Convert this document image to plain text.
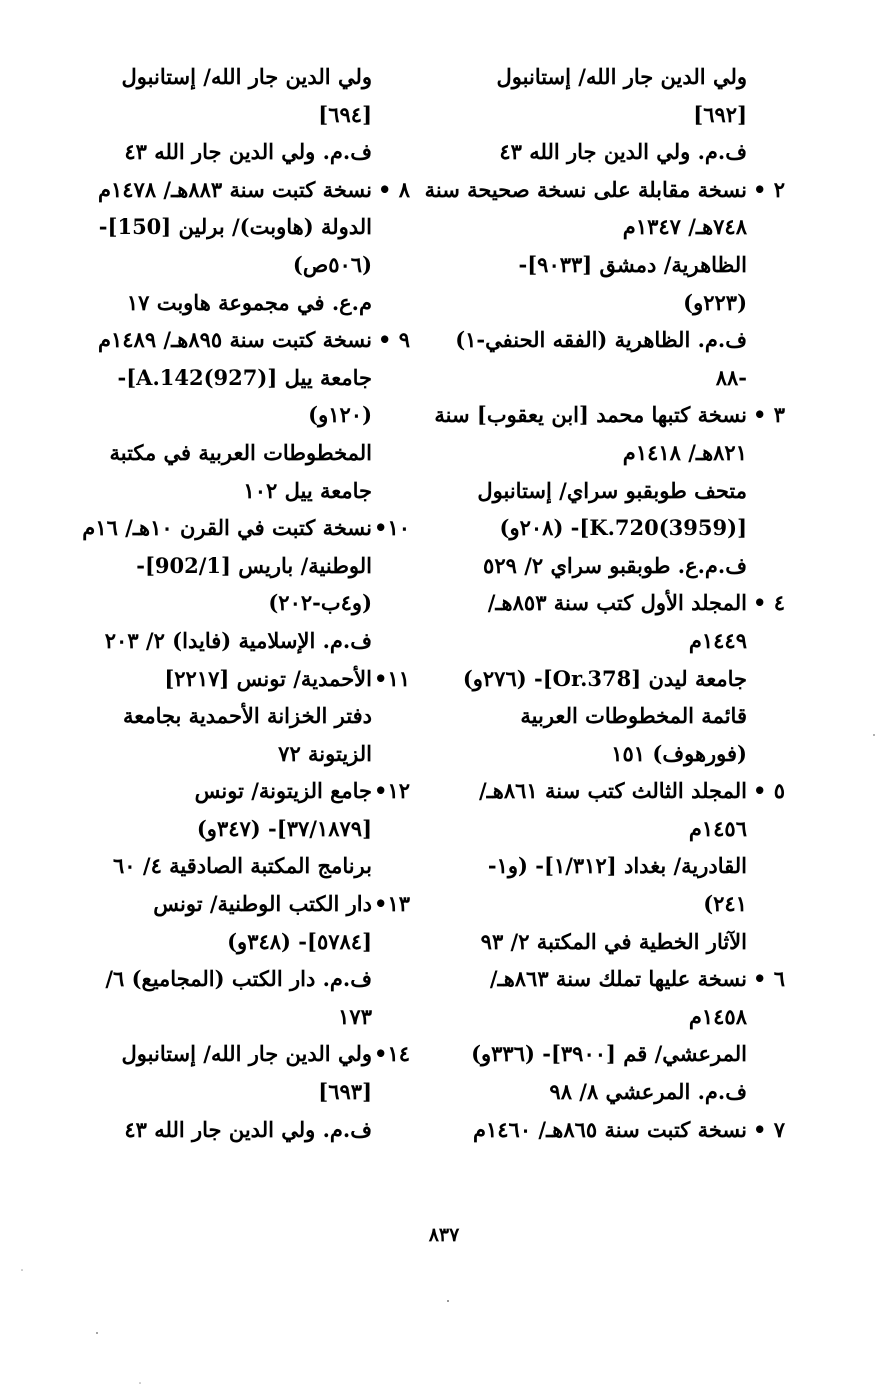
ولي الدين جار الله/ إستانبول
[٦٩٢]
ف.م. ولي الدين جار الله ٤٣
٢ •نسخة مقابلة على نسخة صحيحة سنة
٧٤٨هـ/ ١٣٤٧م
الظاهرية/ دمشق [٩٠٣٣]-
(٢٢٣و)
ف.م. الظاهرية (الفقه الحنفي-١)
-٨٨
٣ •نسخة كتبها محمد [ابن يعقوب] سنة
٨٢١هـ/ ١٤١٨م
متحف طوبقبو سراي/ إستانبول
[K.720(3959)]- (٢٠٨و)
ف.م.ع. طوبقبو سراي ٢/ ٥٢٩
٤ •المجلد الأول كتب سنة ٨٥٣هـ/
١٤٤٩م
جامعة ليدن [Or.378]- (٢٧٦و)
قائمة المخطوطات العربية
(فورهوف) ١٥١
٥ •المجلد الثالث كتب سنة ٨٦١هـ/
١٤٥٦م
القادرية/ بغداد [١/٣١٢]- (و١-
٢٤١)
الآثار الخطية في المكتبة ٢/ ٩٣
٦ •نسخة عليها تملك سنة ٨٦٣هـ/
١٤٥٨م
المرعشي/ قم [٣٩٠٠]- (٣٣٦و)
ف.م. المرعشي ٨/ ٩٨
٧ •نسخة كتبت سنة ٨٦٥هـ/ ١٤٦٠م
ولي الدين جار الله/ إستانبول
[٦٩٤]
ف.م. ولي الدين جار الله ٤٣
٨ •نسخة كتبت سنة ٨٨٣هـ/ ١٤٧٨م
الدولة (هاوبت)/ برلين [150]-
(٥٠٦ص)
م.ع. في مجموعة هاوبت ١٧
٩ •نسخة كتبت سنة ٨٩٥هـ/ ١٤٨٩م
جامعة ييل [A.142(927)]-
(١٢٠و)
المخطوطات العربية في مكتبة
جامعة ييل ١٠٢
١٠•نسخة كتبت في القرن ١٠هـ/ ١٦م
الوطنية/ باريس [902/1]-
(و٤ب-٢٠٢)
ف.م. الإسلامية (فايدا) ٢/ ٢٠٣
١١•الأحمدية/ تونس [٢٢١٧]
دفتر الخزانة الأحمدية بجامعة
الزيتونة ٧٢
١٢•جامع الزيتونة/ تونس
[٣٧/١٨٧٩]- (٣٤٧و)
برنامج المكتبة الصادقية ٤/ ٦٠
١٣•دار الكتب الوطنية/ تونس
[٥٧٨٤]- (٣٤٨و)
ف.م. دار الكتب (المجاميع) ٦/
١٧٣
١٤•ولي الدين جار الله/ إستانبول
[٦٩٣]
ف.م. ولي الدين جار الله ٤٣
٨٣٧
